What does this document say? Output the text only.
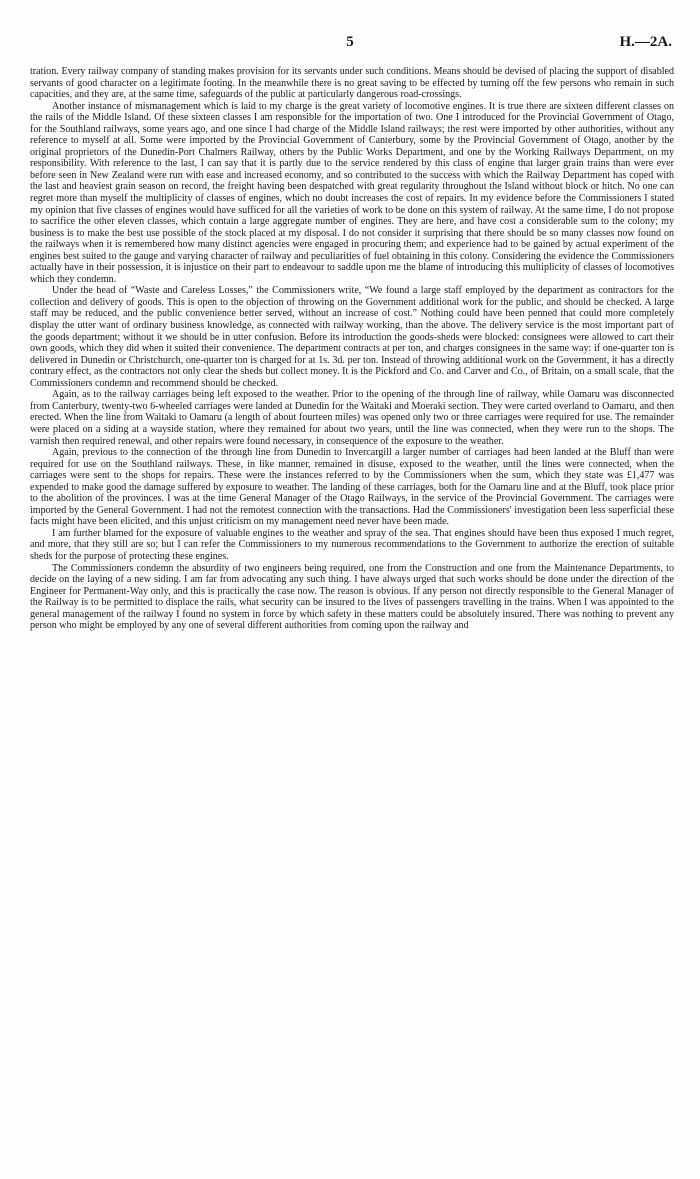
5	H.—2A.

tration. Every railway company of standing makes provision for its servants under such conditions. Means should be devised of placing the support of disabled servants of good character on a legitimate footing. In the meanwhile there is no great saving to be effected by turning off the few persons who remain in such capacities, and they are, at the same time, safeguards of the public at particularly dangerous road-crossings.

Another instance of mismanagement which is laid to my charge is the great variety of locomotive engines. It is true there are sixteen different classes on the rails of the Middle Island. Of these sixteen classes I am responsible for the importation of two. One I introduced for the Provincial Government of Otago, for the Southland railways, some years ago, and one since I had charge of the Middle Island railways; the rest were imported by other authorities, without any reference to myself at all. Some were imported by the Provincial Government of Canterbury, some by the Provincial Government of Otago, another by the original proprietors of the Dunedin-Port Chalmers Railway, others by the Public Works Department, and one by the Working Railways Department, on my responsibility. With reference to the last, I can say that it is partly due to the service rendered by this class of engine that larger grain trains than were ever before seen in New Zealand were run with ease and increased economy, and so contributed to the success with which the Railway Department has coped with the last and heaviest grain season on record, the freight having been despatched with great regularity throughout the Island without block or hitch. No one can regret more than myself the multiplicity of classes of engines, which no doubt increases the cost of repairs. In my evidence before the Commissioners I stated my opinion that five classes of engines would have sufficed for all the varieties of work to be done on this system of railway. At the same time, I do not propose to sacrifice the other eleven classes, which contain a large aggregate number of engines. They are here, and have cost a considerable sum to the colony; my business is to make the best use possible of the stock placed at my disposal. I do not consider it surprising that there should be so many classes now found on the railways when it is remembered how many distinct agencies were engaged in procuring them; and experience had to be gained by actual experiment of the engines best suited to the gauge and varying character of railway and peculiarities of fuel obtaining in this colony. Considering the evidence the Commissioners actually have in their possession, it is injustice on their part to endeavour to saddle upon me the blame of introducing this multiplicity of classes of locomotives which they condemn.

Under the head of “Waste and Careless Losses,” the Commissioners write, “We found a large staff employed by the department as contractors for the collection and delivery of goods. This is open to the objection of throwing on the Government additional work for the public, and should be checked. A large staff may be reduced, and the public convenience better served, without an increase of cost.” Nothing could have been penned that could more completely display the utter want of ordinary business knowledge, as connected with railway working, than the above. The delivery service is the most important part of the goods department; without it we should be in utter confusion. Before its introduction the goods-sheds were blocked: consignees were allowed to cart their own goods, which they did when it suited their convenience. The department contracts at per ton, and charges consignees in the same way: if one-quarter ton is delivered in Dunedin or Christchurch, one-quarter ton is charged for at 1s. 3d. per ton. Instead of throwing additional work on the Government, it has a directly contrary effect, as the contractors not only clear the sheds but collect money. It is the Pickford and Co. and Carver and Co., of Britain, on a small scale, that the Commissioners condemn and recommend should be checked.

Again, as to the railway carriages being left exposed to the weather. Prior to the opening of the through line of railway, while Oamaru was disconnected from Canterbury, twenty-two 6-wheeled carriages were landed at Dunedin for the Waitaki and Moeraki section. They were carted overland to Oamaru, and then erected. When the line from Waitaki to Oamaru (a length of about fourteen miles) was opened only two or three carriages were required for use. The remainder were placed on a siding at a wayside station, where they remained for about two years, until the line was connected, when they were run to the shops. The varnish then required renewal, and other repairs were found necessary, in consequence of the exposure to the weather.

Again, previous to the connection of the through line from Dunedin to Invercargill a larger number of carriages had been landed at the Bluff than were required for use on the Southland railways. These, in like manner, remained in disuse, exposed to the weather, until the lines were connected, when the carriages were sent to the shops for repairs. These were the instances referred to by the Commissioners when the sum, which they state was £1,477 was expended to make good the damage suffered by exposure to weather. The landing of these carriages, both for the Oamaru line and at the Bluff, took place prior to the abolition of the provinces. I was at the time General Manager of the Otago Railways, in the service of the Provincial Government. The carriages were imported by the General Government. I had not the remotest connection with the transactions. Had the Commissioners' investigation been less superficial these facts might have been elicited, and this unjust criticism on my management need never have been made.

I am further blamed for the exposure of valuable engines to the weather and spray of the sea. That engines should have been thus exposed I much regret, and more, that they still are so; but I can refer the Commissioners to my numerous recommendations to the Government to authorize the erection of suitable sheds for the purpose of protecting these engines.

The Commissioners condemn the absurdity of two engineers being required, one from the Construction and one from the Maintenance Departments, to decide on the laying of a new siding. I am far from advocating any such thing. I have always urged that such works should be done under the direction of the Engineer for Permanent-Way only, and this is practically the case now. The reason is obvious. If any person not directly responsible to the General Manager of the Railway is to be permitted to displace the rails, what security can be insured to the lives of passengers travelling in the trains. When I was appointed to the general management of the railway I found no system in force by which safety in these matters could be absolutely insured. There was nothing to prevent any person who might be employed by any one of several different authorities from coming upon the railway and
